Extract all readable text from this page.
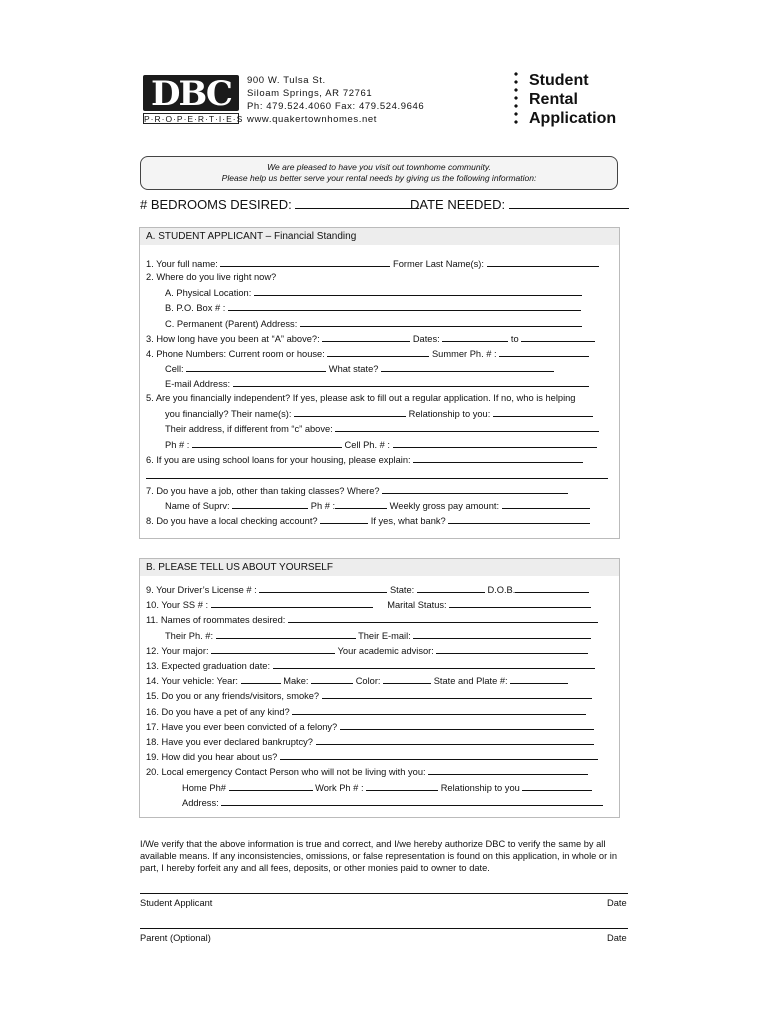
DBC
P·R·O·P·E·R·T·I·E·S
900 W. Tulsa St.
Siloam Springs, AR 72761
Ph: 479.524.4060 Fax: 479.524.9646
www.quakertownhomes.net
Student
Rental
Application
We are pleased to have you visit out townhome community.
Please help us better serve your rental needs by giving us the following information:
# BEDROOMS DESIRED:	DATE NEEDED:
A. STUDENT APPLICANT – Financial Standing
1. Your full name:	Former Last Name(s):
2. Where do you live right now?
A. Physical Location:
B. P.O. Box # :
C. Permanent (Parent) Address:
3. How long have you been at “A” above?:	Dates:	to
4. Phone Numbers: Current room or house:	Summer Ph. # :
Cell:	What state?
E-mail Address:
5. Are you financially independent? If yes, please ask to fill out a regular application. If no, who is helping
you financially? Their name(s):	Relationship to you:
Their address, if different from “c” above:
Ph # :	Cell Ph. # :
6. If you are using school loans for your housing, please explain:
7. Do you have a job, other than taking classes? Where?
Name of Suprv:	Ph # :	Weekly gross pay amount:
8. Do you have a local checking account?	If yes, what bank?
B. PLEASE TELL US ABOUT YOURSELF
9. Your Driver’s License # :	State:	D.O.B.
10. Your SS # :	Marital Status:
11. Names of roommates desired:
Their Ph. #:	Their E-mail:
12. Your major:	Your academic advisor:
13. Expected graduation date:
14. Your vehicle: Year:	Make:	Color:	State and Plate #:
15. Do you or any friends/visitors, smoke?
16. Do you have a pet of any kind?
17. Have you ever been convicted of a felony?
18. Have you ever declared bankruptcy?
19. How did you hear about us?
20. Local emergency Contact Person who will not be living with you:
Home Ph#	Work Ph # :	Relationship to you
Address:
I/We verify that the above information is true and correct, and I/we hereby authorize DBC to verify the same by all available means. If any inconsistencies, omissions, or false representation is found on this application, in whole or in part, I hereby forfeit any and all fees, deposits, or other monies paid to owner to date.
Student Applicant	Date
Parent (Optional)	Date
